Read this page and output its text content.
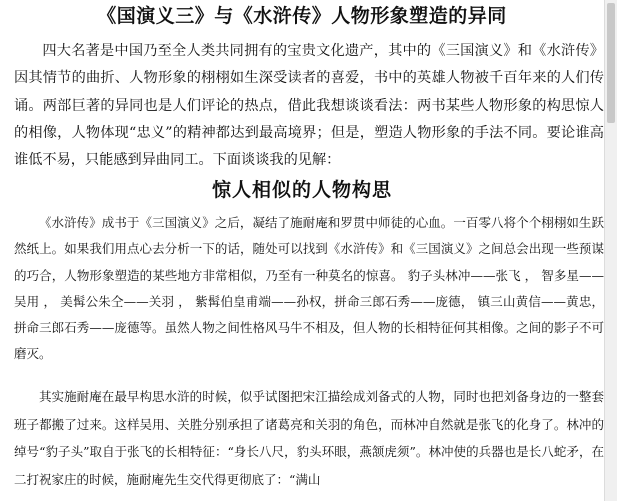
《国演义三》与《水浒传》人物形象塑造的异同

四大名著是中国乃至全人类共同拥有的宝贵文化遗产，其中的《三国演义》和《水浒传》因其情节的曲折、人物形象的栩栩如生深受读者的喜爱，书中的英雄人物被千百年来的人们传诵。两部巨著的异同也是人们评论的热点，借此我想谈谈看法：两书某些人物形象的构思惊人的相像，人物体现“忠义”的精神都达到最高境界；但是，塑造人物形象的手法不同。要论谁高谁低不易，只能感到异曲同工。下面谈谈我的见解：

惊人相似的人物构思

《水浒传》成书于《三国演义》之后，凝结了施耐庵和罗贯中师徒的心血。一百零八将个个栩栩如生跃然纸上。如果我们用点心去分析一下的话，随处可以找到《水浒传》和《三国演义》之间总会出现一些预谋的巧合，人物形象塑造的某些地方非常相似，乃至有一种莫名的惊喜。 豹子头林冲——张飞 ， 智多星——吴用 ， 美髯公朱仝——关羽 ， 紫髯伯皇甫端——孙权，拼命三郎石秀——庞德， 镇三山黄信——黄忠，拼命三郎石秀——庞德等。虽然人物之间性格风马牛不相及，但人物的长相特征何其相像。之间的影子不可磨灭。

其实施耐庵在最早构思水浒的时候，似乎试图把宋江描绘成刘备式的人物，同时也把刘备身边的一整套班子都搬了过来。这样吴用、关胜分别承担了诸葛亮和关羽的角色，而林冲自然就是张飞的化身了。林冲的绰号“豹子头”取自于张飞的长相特征：“身长八尺，豹头环眼，燕颔虎须”。林冲使的兵器也是长八蛇矛，在二打祝家庄的时候，施耐庵先生交代得更彻底了：“满山
